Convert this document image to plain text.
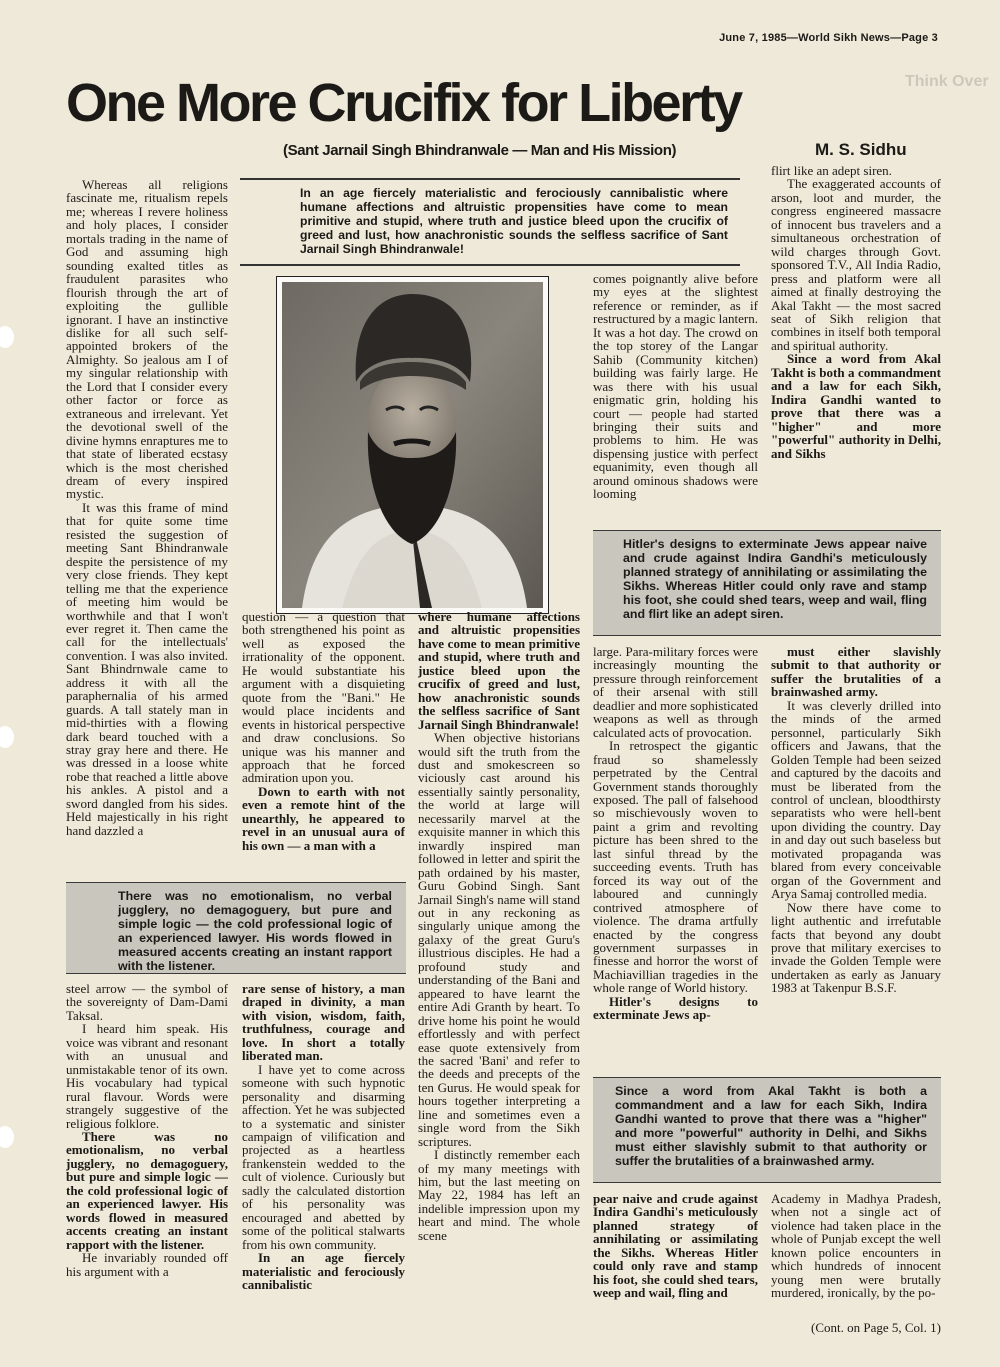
June 7, 1985—World Sikh News—Page 3
Think Over
One More Crucifix for Liberty
(Sant Jarnail Singh Bhindranwale — Man and His Mission)	M. S. Sidhu
In an age fiercely materialistic and ferociously cannibalistic where humane affections and altruistic propensities have come to mean primitive and stupid, where truth and justice bleed upon the crucifix of greed and lust, how anachronistic sounds the selfless sacrifice of Sant Jarnail Singh Bhindranwale!

Whereas all religions fascinate me, ritualism repels me; whereas I revere holiness and holy places, I consider mortals trading in the name of God and assuming high sounding exalted titles as fraudulent parasites who flourish through the art of exploiting the gullible ignorant. I have an instinctive dislike for all such self-appointed brokers of the Almighty. So jealous am I of my singular relationship with the Lord that I consider every other factor or force as extraneous and irrelevant. Yet the devotional swell of the divine hymns enraptures me to that state of liberated ecstasy which is the most cherished dream of every inspired mystic.

It was this frame of mind that for quite some time resisted the suggestion of meeting Sant Bhindranwale despite the persistence of my very close friends. They kept telling me that the experience of meeting him would be worthwhile and that I won't ever regret it. Then came the call for the intellectuals' convention. I was also invited. Sant Bhindrnwale came to address it with all the paraphernalia of his armed guards. A tall stately man in mid-thirties with a flowing dark beard touched with a stray gray here and there. He was dressed in a loose white robe that reached a little above his ankles. A pistol and a sword dangled from his sides. Held majestically in his right hand dazzled a

question — a question that both strengthened his point as well as exposed the irrationality of the opponent. He would substantiate his argument with a disquieting quote from the "Bani." He would place incidents and events in historical perspective and draw conclusions. So unique was his manner and approach that he forced admiration upon you.

Down to earth with not even a remote hint of the unearthly, he appeared to revel in an unusual aura of his own — a man with a

where humane affections and altruistic propensities have come to mean primitive and stupid, where truth and justice bleed upon the crucifix of greed and lust, how anachronistic sounds the selfless sacrifice of Sant Jarnail Singh Bhindranwale!

When objective historians would sift the truth from the dust and smokescreen so viciously cast around his essentially saintly personality, the world at large will necessarily marvel at the exquisite manner in which this inwardly inspired man followed in letter and spirit the path ordained by his master, Guru Gobind Singh. Sant Jarnail Singh's name will stand out in any reckoning as singularly unique among the galaxy of the great Guru's illustrious disciples. He had a profound study and understanding of the Bani and appeared to have learnt the entire Adi Granth by heart. To drive home his point he would effortlessly and with perfect ease quote extensively from the sacred 'Bani' and refer to the deeds and precepts of the ten Gurus. He would speak for hours together interpreting a line and sometimes even a single word from the Sikh scriptures.

I distinctly remember each of my many meetings with him, but the last meeting on May 22, 1984 has left an indelible impression upon my heart and mind. The whole scene

There was no emotionalism, no verbal jugglery, no demagoguery, but pure and simple logic — the cold professional logic of an experienced lawyer. His words flowed in measured accents creating an instant rapport with the listener.

steel arrow — the symbol of the sovereignty of Dam-Dami Taksal.

I heard him speak. His voice was vibrant and resonant with an unusual and unmistakable tenor of its own. His vocabulary had typical rural flavour. Words were strangely suggestive of the religious folklore.

There was no emotionalism, no verbal jugglery, no demagoguery, but pure and simple logic — the cold professional logic of an experienced lawyer. His words flowed in measured accents creating an instant rapport with the listener.

He invariably rounded off his argument with a

rare sense of history, a man draped in divinity, a man with vision, wisdom, faith, truthfulness, courage and love. In short a totally liberated man.

I have yet to come across someone with such hypnotic personality and disarming affection. Yet he was subjected to a systematic and sinister campaign of vilification and projected as a heartless frankenstein wedded to the cult of violence. Curiously but sadly the calculated distortion of his personality was encouraged and abetted by some of the political stalwarts from his own community.

In an age fiercely materialistic and ferociously cannibalistic

comes poignantly alive before my eyes at the slightest reference or reminder, as if restructured by a magic lantern. It was a hot day. The crowd on the top storey of the Langar Sahib (Community kitchen) building was fairly large. He was there with his usual enigmatic grin, holding his court — people had started bringing their suits and problems to him. He was dispensing justice with perfect equanimity, even though all around ominous shadows were looming

flirt like an adept siren.

The exaggerated accounts of arson, loot and murder, the congress engineered massacre of innocent bus travelers and a simultaneous orchestration of wild charges through Govt. sponsored T.V., All India Radio, press and platform were all aimed at finally destroying the Akal Takht — the most sacred seat of Sikh religion that combines in itself both temporal and spiritual authority.

Since a word from Akal Takht is both a commandment and a law for each Sikh, Indira Gandhi wanted to prove that there was a "higher" and more "powerful" authority in Delhi, and Sikhs

Hitler's designs to exterminate Jews appear naive and crude against Indira Gandhi's meticulously planned strategy of annihilating or assimilating the Sikhs. Whereas Hitler could only rave and stamp his foot, she could shed tears, weep and wail, fling and flirt like an adept siren.

large. Para-military forces were increasingly mounting the pressure through reinforcement of their arsenal with still deadlier and more sophisticated weapons as well as through calculated acts of provocation.

In retrospect the gigantic fraud so shamelessly perpetrated by the Central Government stands thoroughly exposed. The pall of falsehood so mischievously woven to paint a grim and revolting picture has been shred to the last sinful thread by the succeeding events. Truth has forced its way out of the laboured and cunningly contrived atmosphere of violence. The drama artfully enacted by the congress government surpasses in finesse and horror the worst of Machiavillian tragedies in the whole range of World history.

Hitler's designs to exterminate Jews ap-

must either slavishly submit to that authority or suffer the brutalities of a brainwashed army.

It was cleverly drilled into the minds of the armed personnel, particularly Sikh officers and Jawans, that the Golden Temple had been seized and captured by the dacoits and must be liberated from the control of unclean, bloodthirsty separatists who were hell-bent upon dividing the country. Day in and day out such baseless but motivated propaganda was blared from every conceivable organ of the Government and Arya Samaj controlled media.

Now there have come to light authentic and irrefutable facts that beyond any doubt prove that military exercises to invade the Golden Temple were undertaken as early as January 1983 at Takenpur B.S.F.

Since a word from Akal Takht is both a commandment and a law for each Sikh, Indira Gandhi wanted to prove that there was a "higher" and more "powerful" authority in Delhi, and Sikhs must either slavishly submit to that authority or suffer the brutalities of a brainwashed army.

pear naive and crude against Indira Gandhi's meticulously planned strategy of annihilating or assimilating the Sikhs. Whereas Hitler could only rave and stamp his foot, she could shed tears, weep and wail, fling and

Academy in Madhya Pradesh, when not a single act of violence had taken place in the whole of Punjab except the well known police encounters in which hundreds of innocent young men were brutally murdered, ironically, by the po-

(Cont. on Page 5, Col. 1)
